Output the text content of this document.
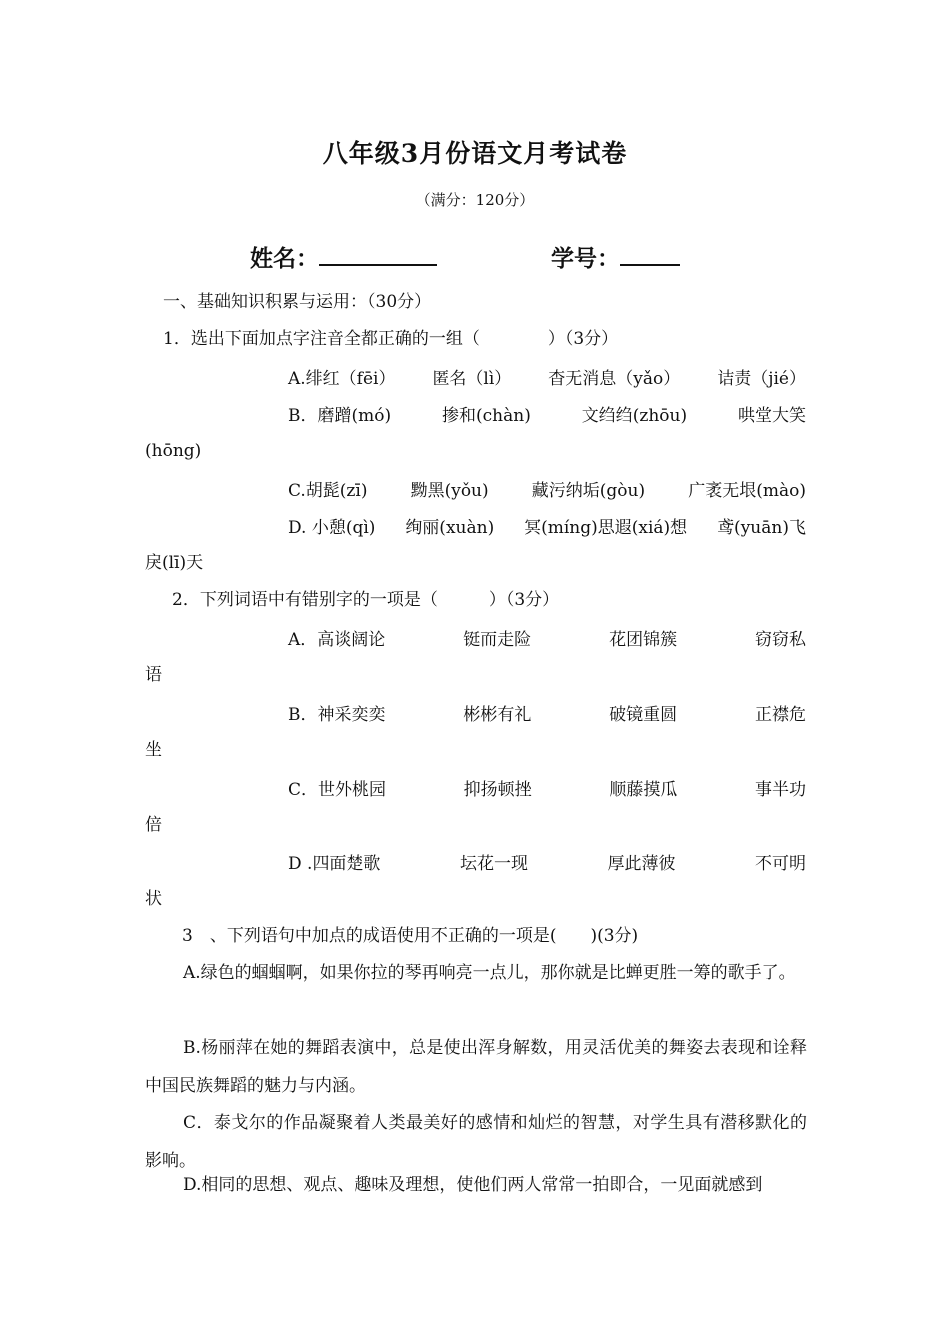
八年级3月份语文月考试卷
（满分：120分）
姓名：	学号：
一、基础知识积累与运用：（30分）
1．选出下面加点字注音全都正确的一组（　　　　）（3分）
A.绯红（fēi） 匿名（lì） 杳无消息（yǎo） 诘责（jié）
B．磨蹭(mó)	掺和(chàn)	文绉绉(zhōu)	哄堂大笑
(hōng)
C.胡髭(zī)	黝黑(yǒu)	藏污纳垢(gòu)	广袤无垠(mào)
D. 小憩(qì) 绚丽(xuàn) 冥(míng)思遐(xiá)想 鸢(yuān)飞
戾(lī)天
2．下列词语中有错别字的一项是（　　　）（3分）
A．高谈阔论	铤而走险	花团锦簇	窃窃私
语
B．神采奕奕	彬彬有礼	破镜重圆	正襟危
坐
C．世外桃园	抑扬顿挫	顺藤摸瓜	事半功
倍
D .四面楚歌	坛花一现	厚此薄彼	不可明
状
3　、下列语句中加点的成语使用不正确的一项是(　　)(3分)
A.绿色的蝈蝈啊，如果你拉的琴再响亮一点儿，那你就是比蝉更胜一筹的歌手了。
B.杨丽萍在她的舞蹈表演中，总是使出浑身解数，用灵活优美的舞姿去表现和诠释中国民族舞蹈的魅力与内涵。
C．泰戈尔的作品凝聚着人类最美好的感情和灿烂的智慧，对学生具有潜移默化的影响。
D.相同的思想、观点、趣味及理想，使他们两人常常一拍即合，一见面就感到
